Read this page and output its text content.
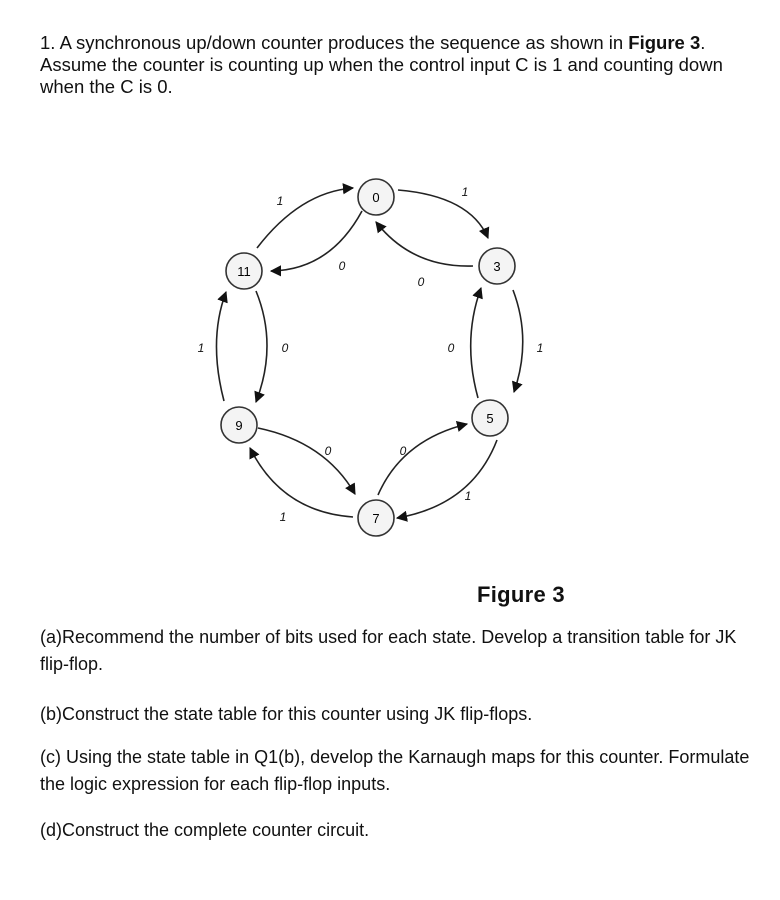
1. A synchronous up/down counter produces the sequence as shown in Figure 3. Assume the counter is counting up when the control input C is 1 and counting down when the C is 0.
0
3
5
7
9
11
1
1
1
1
1
1
0
0
0
0
0
0
Figure 3
(a)Recommend the number of bits used for each state. Develop a transition table for JK flip-flop.
(b)Construct the state table for this counter using JK flip-flops.
(c) Using the state table in Q1(b), develop the Karnaugh maps for this counter. Formulate the logic expression for each flip-flop inputs.
(d)Construct the complete counter circuit.
